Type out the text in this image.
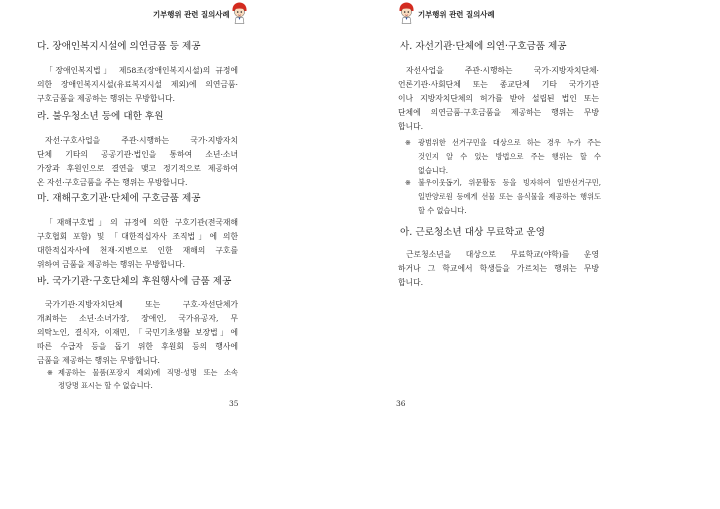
기부행위 관련 질의사례
다. 장애인복지시설에 의연금품 등 제공
「장애인복지법」 제58조(장애인복지시설)의 규정에
의한 장애인복지시설(유료복지시설 제외)에 의연금품·
구호금품을 제공하는 행위는 무방합니다.
라. 불우청소년 등에 대한 후원
자선·구호사업을 주관·시행하는 국가·지방자치
단체 기타의 공공기관·법인을 통하여 소년·소녀
가장과 후원인으로 결연을 맺고 정기적으로 제공하여
온 자선·구호금품을 주는 행위는 무방합니다.
마. 재해구호기관·단체에 구호금품 제공
「재해구호법」의 규정에 의한 구호기관(전국재해
구호협회 포함) 및 「대한적십자사 조직법」에 의한
대한적십자사에 천재·지변으로 인한 재해의 구호를
위하여 금품을 제공하는 행위는 무방합니다.
바. 국가기관·구호단체의 후원행사에 금품 제공
국가기관·지방자치단체 또는 구호·자선단체가
개최하는 소년·소녀가장, 장애인, 국가유공자, 무
의탁노인, 결식자, 이재민, 「국민기초생활 보장법」에
따른 수급자 등을 돕기 위한 후원회 등의 행사에
금품을 제공하는 행위는 무방합니다.
※ 제공하는 물품(포장지 제외)에 직명·성명 또는 소속
정당명 표시는 할 수 없습니다.
35
기부행위 관련 질의사례
사. 자선기관·단체에 의연·구호금품 제공
자선사업을 주관·시행하는 국가·지방자치단체·
언론기관·사회단체 또는 종교단체 기타 국가기관
이나 지방자치단체의 허가를 받아 설립된 법인 또는
단체에 의연금품·구호금품을 제공하는 행위는 무방
합니다.
※ 광범위한 선거구민을 대상으로 하는 경우 누가 주는
것인지 알 수 있는 방법으로 주는 행위는 할 수
없습니다.
※ 불우이웃돕기, 위문활동 등을 빙자하여 일반선거구민,
일반양로원 등에게 선물 또는 음식물을 제공하는 행위도
할 수 없습니다.
아. 근로청소년 대상 무료학교 운영
근로청소년을 대상으로 무료학교(야학)를 운영
하거나 그 학교에서 학생들을 가르치는 행위는 무방
합니다.
36
